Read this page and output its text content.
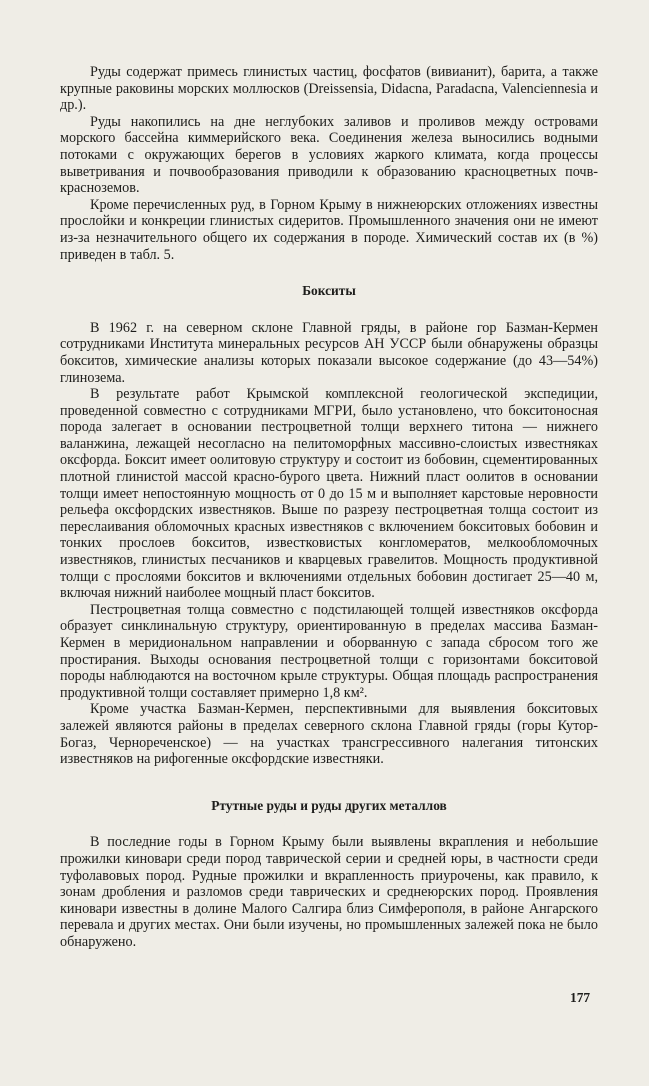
Руды содержат примесь глинистых частиц, фосфатов (вивианит), барита, а также крупные раковины морских моллюсков (Dreissensia, Didacna, Paradacna, Valenciennesia и др.).

Руды накопились на дне неглубоких заливов и проливов между островами морского бассейна киммерийского века. Соединения железа выносились водными потоками с окружающих берегов в условиях жаркого климата, когда процессы выветривания и почвообразования приводили к образованию красноцветных почв-красноземов.

Кроме перечисленных руд, в Горном Крыму в нижнеюрских отложениях известны прослойки и конкреции глинистых сидеритов. Промышленного значения они не имеют из-за незначительного общего их содержания в породе. Химический состав их (в %) приведен в табл. 5.

Бокситы

В 1962 г. на северном склоне Главной гряды, в районе гор Базман-Кермен сотрудниками Института минеральных ресурсов АН УССР были обнаружены образцы бокситов, химические анализы которых показали высокое содержание (до 43—54%) глинозема.

В результате работ Крымской комплексной геологической экспедиции, проведенной совместно с сотрудниками МГРИ, было установлено, что бокситоносная порода залегает в основании пестроцветной толщи верхнего титона — нижнего валанжина, лежащей несогласно на пелитоморфных массивно-слоистых известняках оксфорда. Боксит имеет оолитовую структуру и состоит из бобовин, сцементированных плотной глинистой массой красно-бурого цвета. Нижний пласт оолитов в основании толщи имеет непостоянную мощность от 0 до 15 м и выполняет карстовые неровности рельефа оксфордских известняков. Выше по разрезу пестроцветная толща состоит из переслаивания обломочных красных известняков с включением бокситовых бобовин и тонких прослоев бокситов, известковистых конгломератов, мелкообломочных известняков, глинистых песчаников и кварцевых гравелитов. Мощность продуктивной толщи с прослоями бокситов и включениями отдельных бобовин достигает 25—40 м, включая нижний наиболее мощный пласт бокситов.

Пестроцветная толща совместно с подстилающей толщей известняков оксфорда образует синклинальную структуру, ориентированную в пределах массива Базман-Кермен в меридиональном направлении и оборванную с запада сбросом того же простирания. Выходы основания пестроцветной толщи с горизонтами бокситовой породы наблюдаются на восточном крыле структуры. Общая площадь распространения продуктивной толщи составляет примерно 1,8 км².

Кроме участка Базман-Кермен, перспективными для выявления бокситовых залежей являются районы в пределах северного склона Главной гряды (горы Кутор-Богаз, Чернореченское) — на участках трансгрессивного налегания титонских известняков на рифогенные оксфордские известняки.

Ртутные руды и руды других металлов

В последние годы в Горном Крыму были выявлены вкрапления и небольшие прожилки киновари среди пород таврической серии и средней юры, в частности среди туфолавовых пород. Рудные прожилки и вкрапленность приурочены, как правило, к зонам дробления и разломов среди таврических и среднеюрских пород. Проявления киновари известны в долине Малого Салгира близ Симферополя, в районе Ангарского перевала и других местах. Они были изучены, но промышленных залежей пока не было обнаружено.

177
